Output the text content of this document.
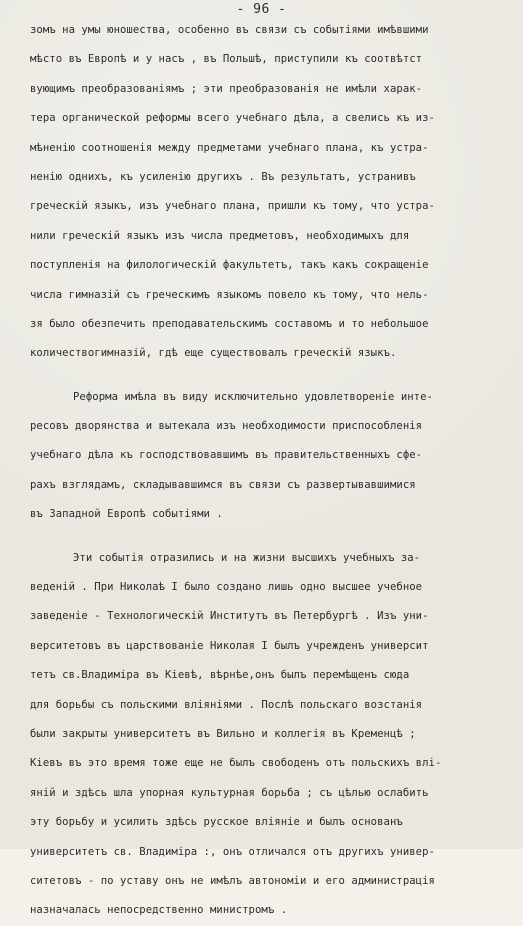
- 96 -
зомъ на умы юношества, особенно въ связи съ событіями имѣвшими
мѣсто въ Европѣ и у насъ , въ Польшѣ, приступили къ соотвѣтст
вующимъ преобразованіямъ ; эти преобразованія не имѣли харак-
тера органической реформы всего учебнаго дѣла, а свелись къ из-
мѣненію соотношенія между предметами учебнаго плана, къ устра-
ненію однихъ, къ усиленію другихъ . Въ результатъ, устранивъ
греческій языкъ, изъ учебнаго плана, пришли къ тому, что устра-
нили греческій языкъ изъ числа предметовъ, необходимыхъ для
поступленія на филологическій факультетъ, такъ какъ сокращеніе
числа гимназій съ греческимъ языкомъ повело къ тому, что нель-
зя было обезпечить преподавательскимъ составомъ и то небольшое
количествогимназій, гдѣ еще существовалъ греческій языкъ.
Реформа имѣла въ виду исключительно удовлетвореніе инте-
ресовъ дворянства и вытекала изъ необходимости приспособленія
учебнаго дѣла къ господствовавшимъ въ правительственныхъ сфе-
рахъ взглядамъ, складывавшимся въ связи съ развертывавшимися
въ Западной Европѣ событіями .
Эти событія отразились и на жизни высшихъ учебныхъ за-
веденій . При Николаѣ I было создано лишь одно высшее учебное
заведеніе - Технологическій Институтъ въ Петербургѣ . Изъ уни-
верситетовъ въ царствованіе Николая I былъ учрежденъ университ
тетъ св.Владиміра въ Кіевѣ, вѣрнѣе,онъ былъ перемѣщенъ сюда
для борьбы съ польскими вліяніями . Послѣ польскаго возстанія
были закрыты университетъ въ Вильно и коллегія въ Кременцѣ ;
Кіевъ въ это время тоже еще не былъ свободенъ отъ польскихъ влі-
яній и здѣсь шла упорная культурная борьба ; съ цѣлью ослабить
эту борьбу и усилить здѣсь русское вліяніе и былъ основанъ
университетъ св. Владиміра :, онъ отличался отъ другихъ универ-
ситетовъ - по уставу онъ не имѣлъ автономіи и его администрація
назначалась непосредственно министромъ .
